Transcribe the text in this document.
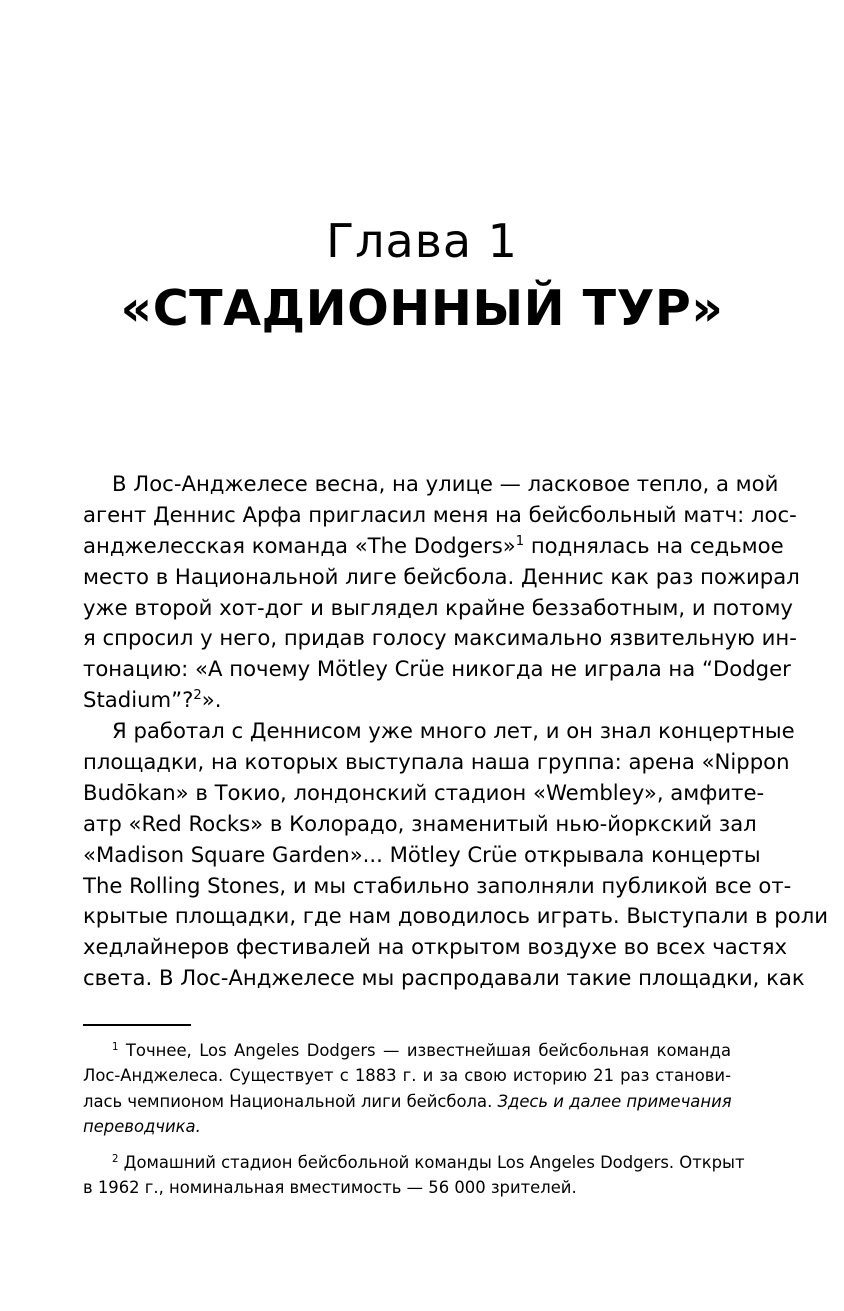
Глава 1
«СТАДИОННЫЙ ТУР»
В Лос-Анджелесе весна, на улице — ласковое тепло, а мой
агент Деннис Арфа пригласил меня на бейсбольный матч: лос-
анджелесская команда «The Dodgers»$^1$ поднялась на седьмое
место в Национальной лиге бейсбола. Деннис как раз пожирал
уже второй хот-дог и выглядел крайне беззаботным, и потому
я спросил у него, придав голосу максимально язвительную ин-
тонацию: «А почему Mötley Crüe никогда не играла на “Dodger
Stadium”?$^2$».
Я работал с Деннисом уже много лет, и он знал концертные
площадки, на которых выступала наша группа: арена «Nippon
Budōkan» в Токио, лондонский стадион «Wembley», амфите-
атр «Red Rocks» в Колорадо, знаменитый нью-йоркский зал
«Madison Square Garden»... Mötley Crüe открывала концерты
The Rolling Stones, и мы стабильно заполняли публикой все от-
крытые площадки, где нам доводилось играть. Выступали в роли
хедлайнеров фестивалей на открытом воздухе во всех частях
света. В Лос-Анджелесе мы распродавали такие площадки, как
$^1$ Точнее, Los Angeles Dodgers — известнейшая бейсбольная команда
Лос-Анджелеса. Существует с 1883 г. и за свою историю 21 раз станови-
лась чемпионом Национальной лиги бейсбола. Здесь и далее примечания
переводчика.
$^2$ Домашний стадион бейсбольной команды Los Angeles Dodgers. Открыт
в 1962 г., номинальная вместимость — 56 000 зрителей.
